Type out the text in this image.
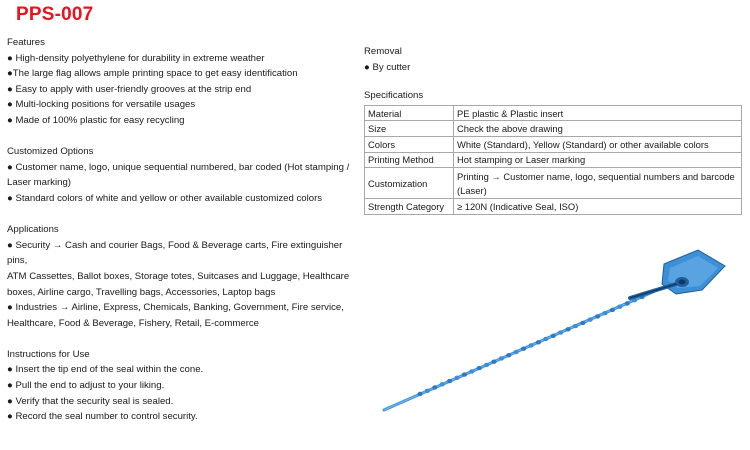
PPS-007
Features
● High-density polyethylene for durability in extreme weather
●The large flag allows ample printing space to get easy identification
● Easy to apply with user-friendly grooves at the strip end
● Multi-locking positions for versatile usages
● Made of 100% plastic for easy recycling
Customized Options
● Customer name, logo, unique sequential numbered, bar coded (Hot stamping /
Laser marking)
● Standard colors of white and yellow or other available customized colors
Applications
● Security → Cash and courier Bags, Food & Beverage carts, Fire extinguisher pins,
ATM Cassettes, Ballot boxes, Storage totes, Suitcases and Luggage, Healthcare
boxes, Airline cargo, Travelling bags, Accessories, Laptop bags
● Industries → Airline, Express, Chemicals, Banking, Government, Fire service,
Healthcare, Food & Beverage, Fishery, Retail, E-commerce
Instructions for Use
● Insert the tip end of the seal within the cone.
● Pull the end to adjust to your liking.
● Verify that the security seal is sealed.
● Record the seal number to control security.
Removal
● By cutter
Specifications
Material	PE plastic & Plastic insert
Size	Check the above drawing
Colors	White (Standard), Yellow (Standard) or other available colors
Printing Method	Hot stamping or Laser marking
Customization	Printing → Customer name, logo, sequential numbers and barcode
(Laser)

Strength Category	≥ 120N (Indicative Seal, ISO)
